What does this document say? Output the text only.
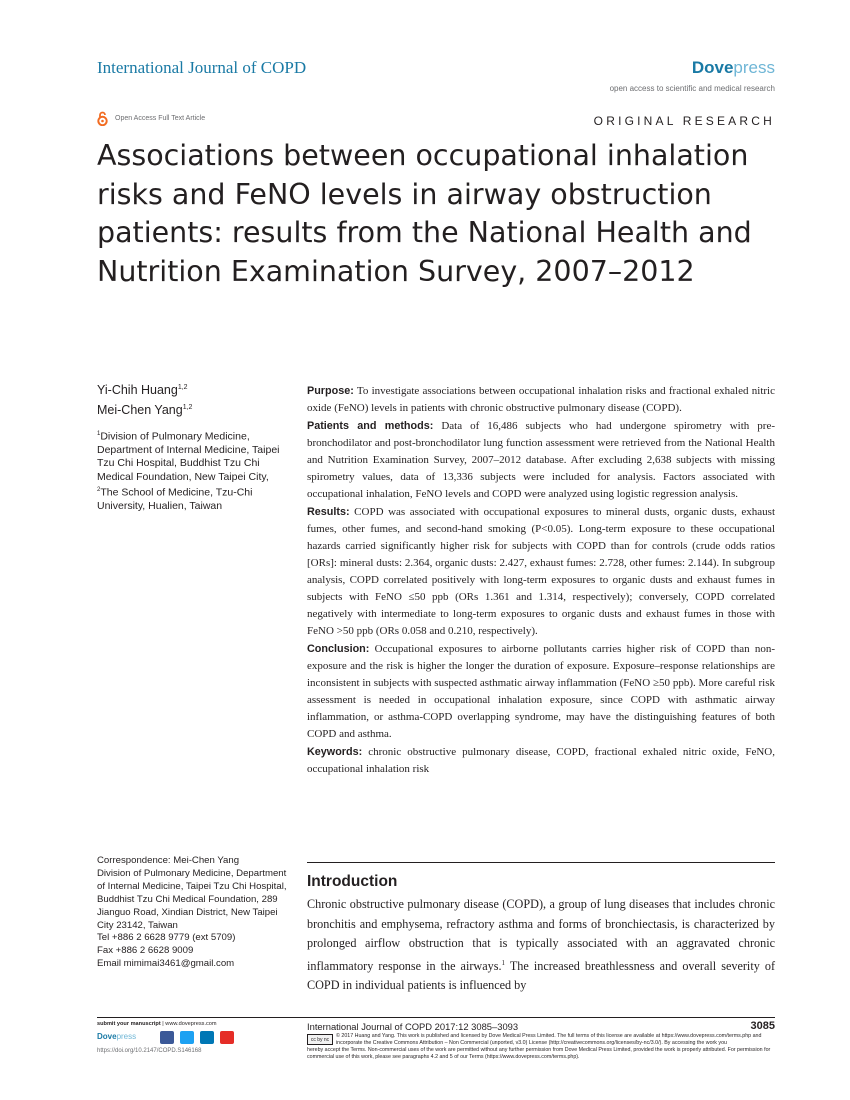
International Journal of COPD	Dovepress
open access to scientific and medical research
Open Access Full Text Article	ORIGINAL RESEARCH
Associations between occupational inhalation risks and FeNO levels in airway obstruction patients: results from the National Health and Nutrition Examination Survey, 2007–2012
Yi-Chih Huang$^{1,2}$
Mei-Chen Yang$^{1,2}$
$^1$Division of Pulmonary Medicine, Department of Internal Medicine, Taipei Tzu Chi Hospital, Buddhist Tzu Chi Medical Foundation, New Taipei City, $^2$The School of Medicine, Tzu-Chi University, Hualien, Taiwan

Purpose: To investigate associations between occupational inhalation risks and fractional exhaled nitric oxide (FeNO) levels in patients with chronic obstructive pulmonary disease (COPD).

Patients and methods: Data of 16,486 subjects who had undergone spirometry with pre-bronchodilator and post-bronchodilator lung function assessment were retrieved from the National Health and Nutrition Examination Survey, 2007–2012 database. After excluding 2,638 subjects with missing spirometry values, data of 13,336 subjects were included for analysis. Factors associated with occupational inhalation, FeNO levels and COPD were analyzed using logistic regression analysis.

Results: COPD was associated with occupational exposures to mineral dusts, organic dusts, exhaust fumes, other fumes, and second-hand smoking (P<0.05). Long-term exposure to these occupational hazards carried significantly higher risk for subjects with COPD than for controls (crude odds ratios [ORs]: mineral dusts: 2.364, organic dusts: 2.427, exhaust fumes: 2.728, other fumes: 2.144). In subgroup analysis, COPD correlated positively with long-term exposures to organic dusts and exhaust fumes in subjects with FeNO ≤50 ppb (ORs 1.361 and 1.314, respectively); conversely, COPD correlated negatively with intermediate to long-term exposures to organic dusts and exhaust fumes in those with FeNO >50 ppb (ORs 0.058 and 0.210, respectively).

Conclusion: Occupational exposures to airborne pollutants carries higher risk of COPD than non-exposure and the risk is higher the longer the duration of exposure. Exposure–response relationships are inconsistent in subjects with suspected asthmatic airway inflammation (FeNO ≥50 ppb). More careful risk assessment is needed in occupational inhalation exposure, since COPD with asthmatic airway inflammation, or asthma-COPD overlapping syndrome, may have the distinguishing features of both COPD and asthma.

Keywords: chronic obstructive pulmonary disease, COPD, fractional exhaled nitric oxide, FeNO, occupational inhalation risk

Introduction
Chronic obstructive pulmonary disease (COPD), a group of lung diseases that includes chronic bronchitis and emphysema, refractory asthma and forms of bronchiectasis, is characterized by prolonged airflow obstruction that is typically associated with an aggravated chronic inflammatory response in the airways.$^1$ The increased breathlessness and overall severity of COPD in individual patients is influenced by
Correspondence: Mei-Chen Yang
Division of Pulmonary Medicine, Department of Internal Medicine, Taipei Tzu Chi Hospital, Buddhist Tzu Chi Medical Foundation, 289 Jianguo Road, Xindian District, New Taipei City 23142, Taiwan
Tel +886 2 6628 9779 (ext 5709)
Fax +886 2 6628 9009
Email mimimai3461@gmail.com
submit your manuscript | www.dovepress.com
Dovepress
https://doi.org/10.2147/COPD.S146168
International Journal of COPD 2017:12 3085–3093	3085
cc by nc
© 2017 Huang and Yang. This work is published and licensed by Dove Medical Press Limited. The full terms of this license are available at https://www.dovepress.com/terms.php and incorporate the Creative Commons Attribution – Non Commercial (unported, v3.0) License (http://creativecommons.org/licenses/by-nc/3.0/). By accessing the work you
hereby accept the Terms. Non-commercial uses of the work are permitted without any further permission from Dove Medical Press Limited, provided the work is properly attributed. For permission for commercial use of this work, please see paragraphs 4.2 and 5 of our Terms (https://www.dovepress.com/terms.php).
